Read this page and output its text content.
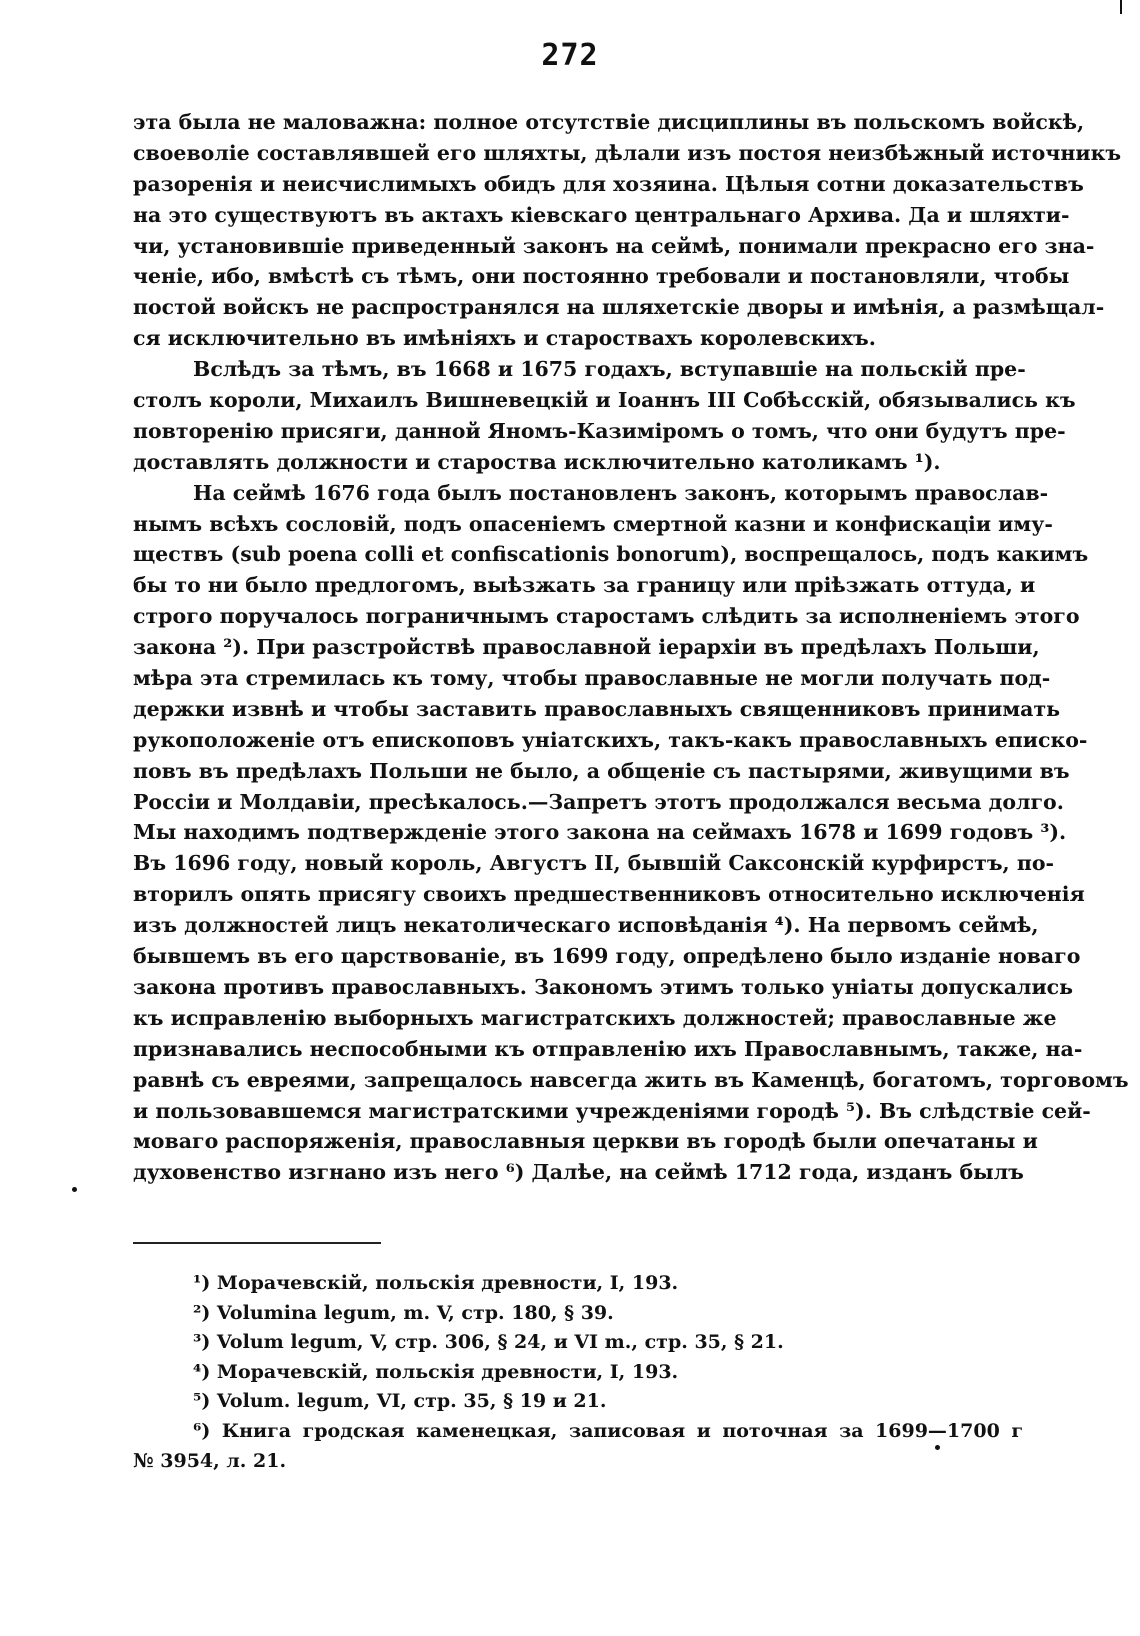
272
эта была не маловажна: полное отсутствіе дисциплины въ польскомъ войскѣ,
своеволіе составлявшей его шляхты, дѣлали изъ постоя неизбѣжный источникъ
разоренія и неисчислимыхъ обидъ для хозяина. Цѣлыя сотни доказательствъ
на это существуютъ въ актахъ кіевскаго центральнаго Архива. Да и шляхти-
чи, установившіе приведенный законъ на сеймѣ, понимали прекрасно его зна-
ченіе, ибо, вмѣстѣ съ тѣмъ, они постоянно требовали и постановляли, чтобы
постой войскъ не распространялся на шляхетскіе дворы и имѣнія, а размѣщал-
ся исключительно въ имѣніяхъ и староствахъ королевскихъ.
Вслѣдъ за тѣмъ, въ 1668 и 1675 годахъ, вступавшіе на польскій пре-
столъ короли, Михаилъ Вишневецкій и Іоаннъ III Собѣсскій, обязывались къ
повторенію присяги, данной Яномъ-Казиміромъ о томъ, что они будутъ пре-
доставлять должности и староства исключительно католикамъ ¹).
На сеймѣ 1676 года былъ постановленъ законъ, которымъ православ-
нымъ всѣхъ сословій, подъ опасеніемъ смертной казни и конфискаціи иму-
ществъ (sub poena colli et confiscationis bonorum), воспрещалось, подъ какимъ
бы то ни было предлогомъ, выѣзжать за границу или пріѣзжать оттуда, и
строго поручалось пограничнымъ старостамъ слѣдить за исполненіемъ этого
закона ²). При разстройствѣ православной іерархіи въ предѣлахъ Польши,
мѣра эта стремилась къ тому, чтобы православные не могли получать под-
держки извнѣ и чтобы заставить православныхъ священниковъ принимать
рукоположеніе отъ епископовъ уніатскихъ, такъ-какъ православныхъ еписко-
повъ въ предѣлахъ Польши не было, а общеніе съ пастырями, живущими въ
Россіи и Молдавіи, пресѣкалось.—Запретъ этотъ продолжался весьма долго.
Мы находимъ подтвержденіе этого закона на сеймахъ 1678 и 1699 годовъ ³).
Въ 1696 году, новый король, Августъ II, бывшій Саксонскій курфирстъ, по-
вторилъ опять присягу своихъ предшественниковъ относительно исключенія
изъ должностей лицъ некатолическаго исповѣданія ⁴). На первомъ сеймѣ,
бывшемъ въ его царствованіе, въ 1699 году, опредѣлено было изданіе новаго
закона противъ православныхъ. Закономъ этимъ только уніаты допускались
къ исправленію выборныхъ магистратскихъ должностей; православные же
признавались неспособными къ отправленію ихъ Православнымъ, также, на-
равнѣ съ евреями, запрещалось навсегда жить въ Каменцѣ, богатомъ, торговомъ
и пользовавшемся магистратскими учрежденіями городѣ ⁵). Въ слѣдствіе сей-
моваго распоряженія, православныя церкви въ городѣ были опечатаны и
духовенство изгнано изъ него ⁶) Далѣе, на сеймѣ 1712 года, изданъ былъ
¹) Морачевскій, польскія древности, I, 193.
²) Volumina legum, m. V, стр. 180, § 39.
³) Volum legum, V, стр. 306, § 24, и VI m., стр. 35, § 21.
⁴) Морачевскій, польскія древности, I, 193.
⁵) Volum. legum, VI, стр. 35, § 19 и 21.
⁶) Книга гродская каменецкая, записовая и поточная за 1699—1700 г
№ 3954, л. 21.
